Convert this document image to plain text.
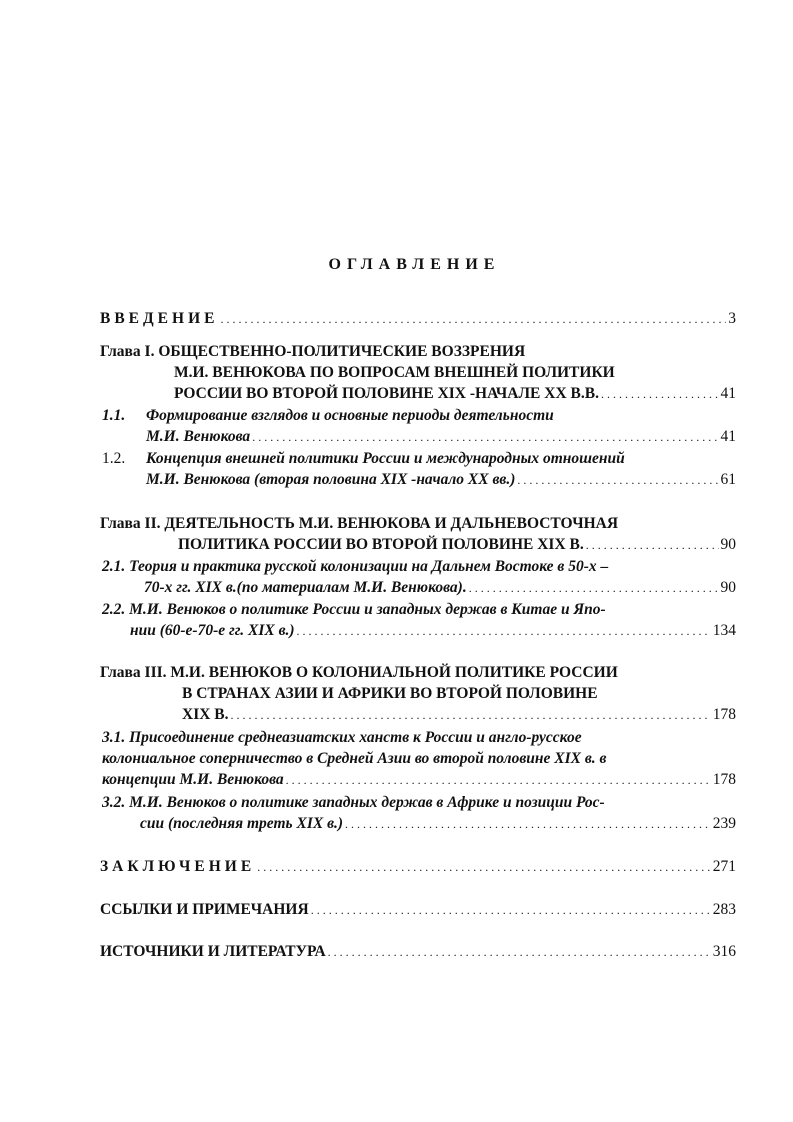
ОГЛАВЛЕНИЕ
ВВЕДЕНИЕ . . .	3
Глава I. ОБЩЕСТВЕННО-ПОЛИТИЧЕСКИЕ ВОЗЗРЕНИЯ
М.И. ВЕНЮКОВА ПО ВОПРОСАМ ВНЕШНЕЙ ПОЛИТИКИ
РОССИИ ВО ВТОРОЙ ПОЛОВИНЕ XIX -НАЧАЛЕ XX В.В. . . .	41
1.1.	Формирование взглядов и основные периоды деятельности
М.И. Венюкова . . .	41
1.2.	Концепция внешней политики России и международных отношений
М.И. Венюкова (вторая половина XIX -начало XX вв.) . . .	61
Глава II. ДЕЯТЕЛЬНОСТЬ М.И. ВЕНЮКОВА И ДАЛЬНЕВОСТОЧНАЯ
ПОЛИТИКА РОССИИ ВО ВТОРОЙ ПОЛОВИНЕ XIX В. . . .	90
2.1. Теория и практика русской колонизации на Дальнем Востоке в 50-х –
70-х гг. XIX в.(по материалам М.И. Венюкова). . . .	90
2.2. М.И. Венюков о политике России и западных держав в Китае и Япо-
нии (60-е-70-е гг. XIX в.) . . .	134
Глава III. М.И. ВЕНЮКОВ О КОЛОНИАЛЬНОЙ ПОЛИТИКЕ РОССИИ
В СТРАНАХ АЗИИ И АФРИКИ ВО ВТОРОЙ ПОЛОВИНЕ
XIX В. . . .	178
3.1. Присоединение среднеазиатских ханств к России и англо-русское
колониальное соперничество в Средней Азии во второй половине XIX в. в
концепции М.И. Венюкова . . .	178
3.2. М.И. Венюков о политике западных держав в Африке и позиции Рос-
сии (последняя треть XIX в.) . . .	239
ЗАКЛЮЧЕНИЕ . . .	271
ССЫЛКИ И ПРИМЕЧАНИЯ . . .	283
ИСТОЧНИКИ И ЛИТЕРАТУРА . . .	316
